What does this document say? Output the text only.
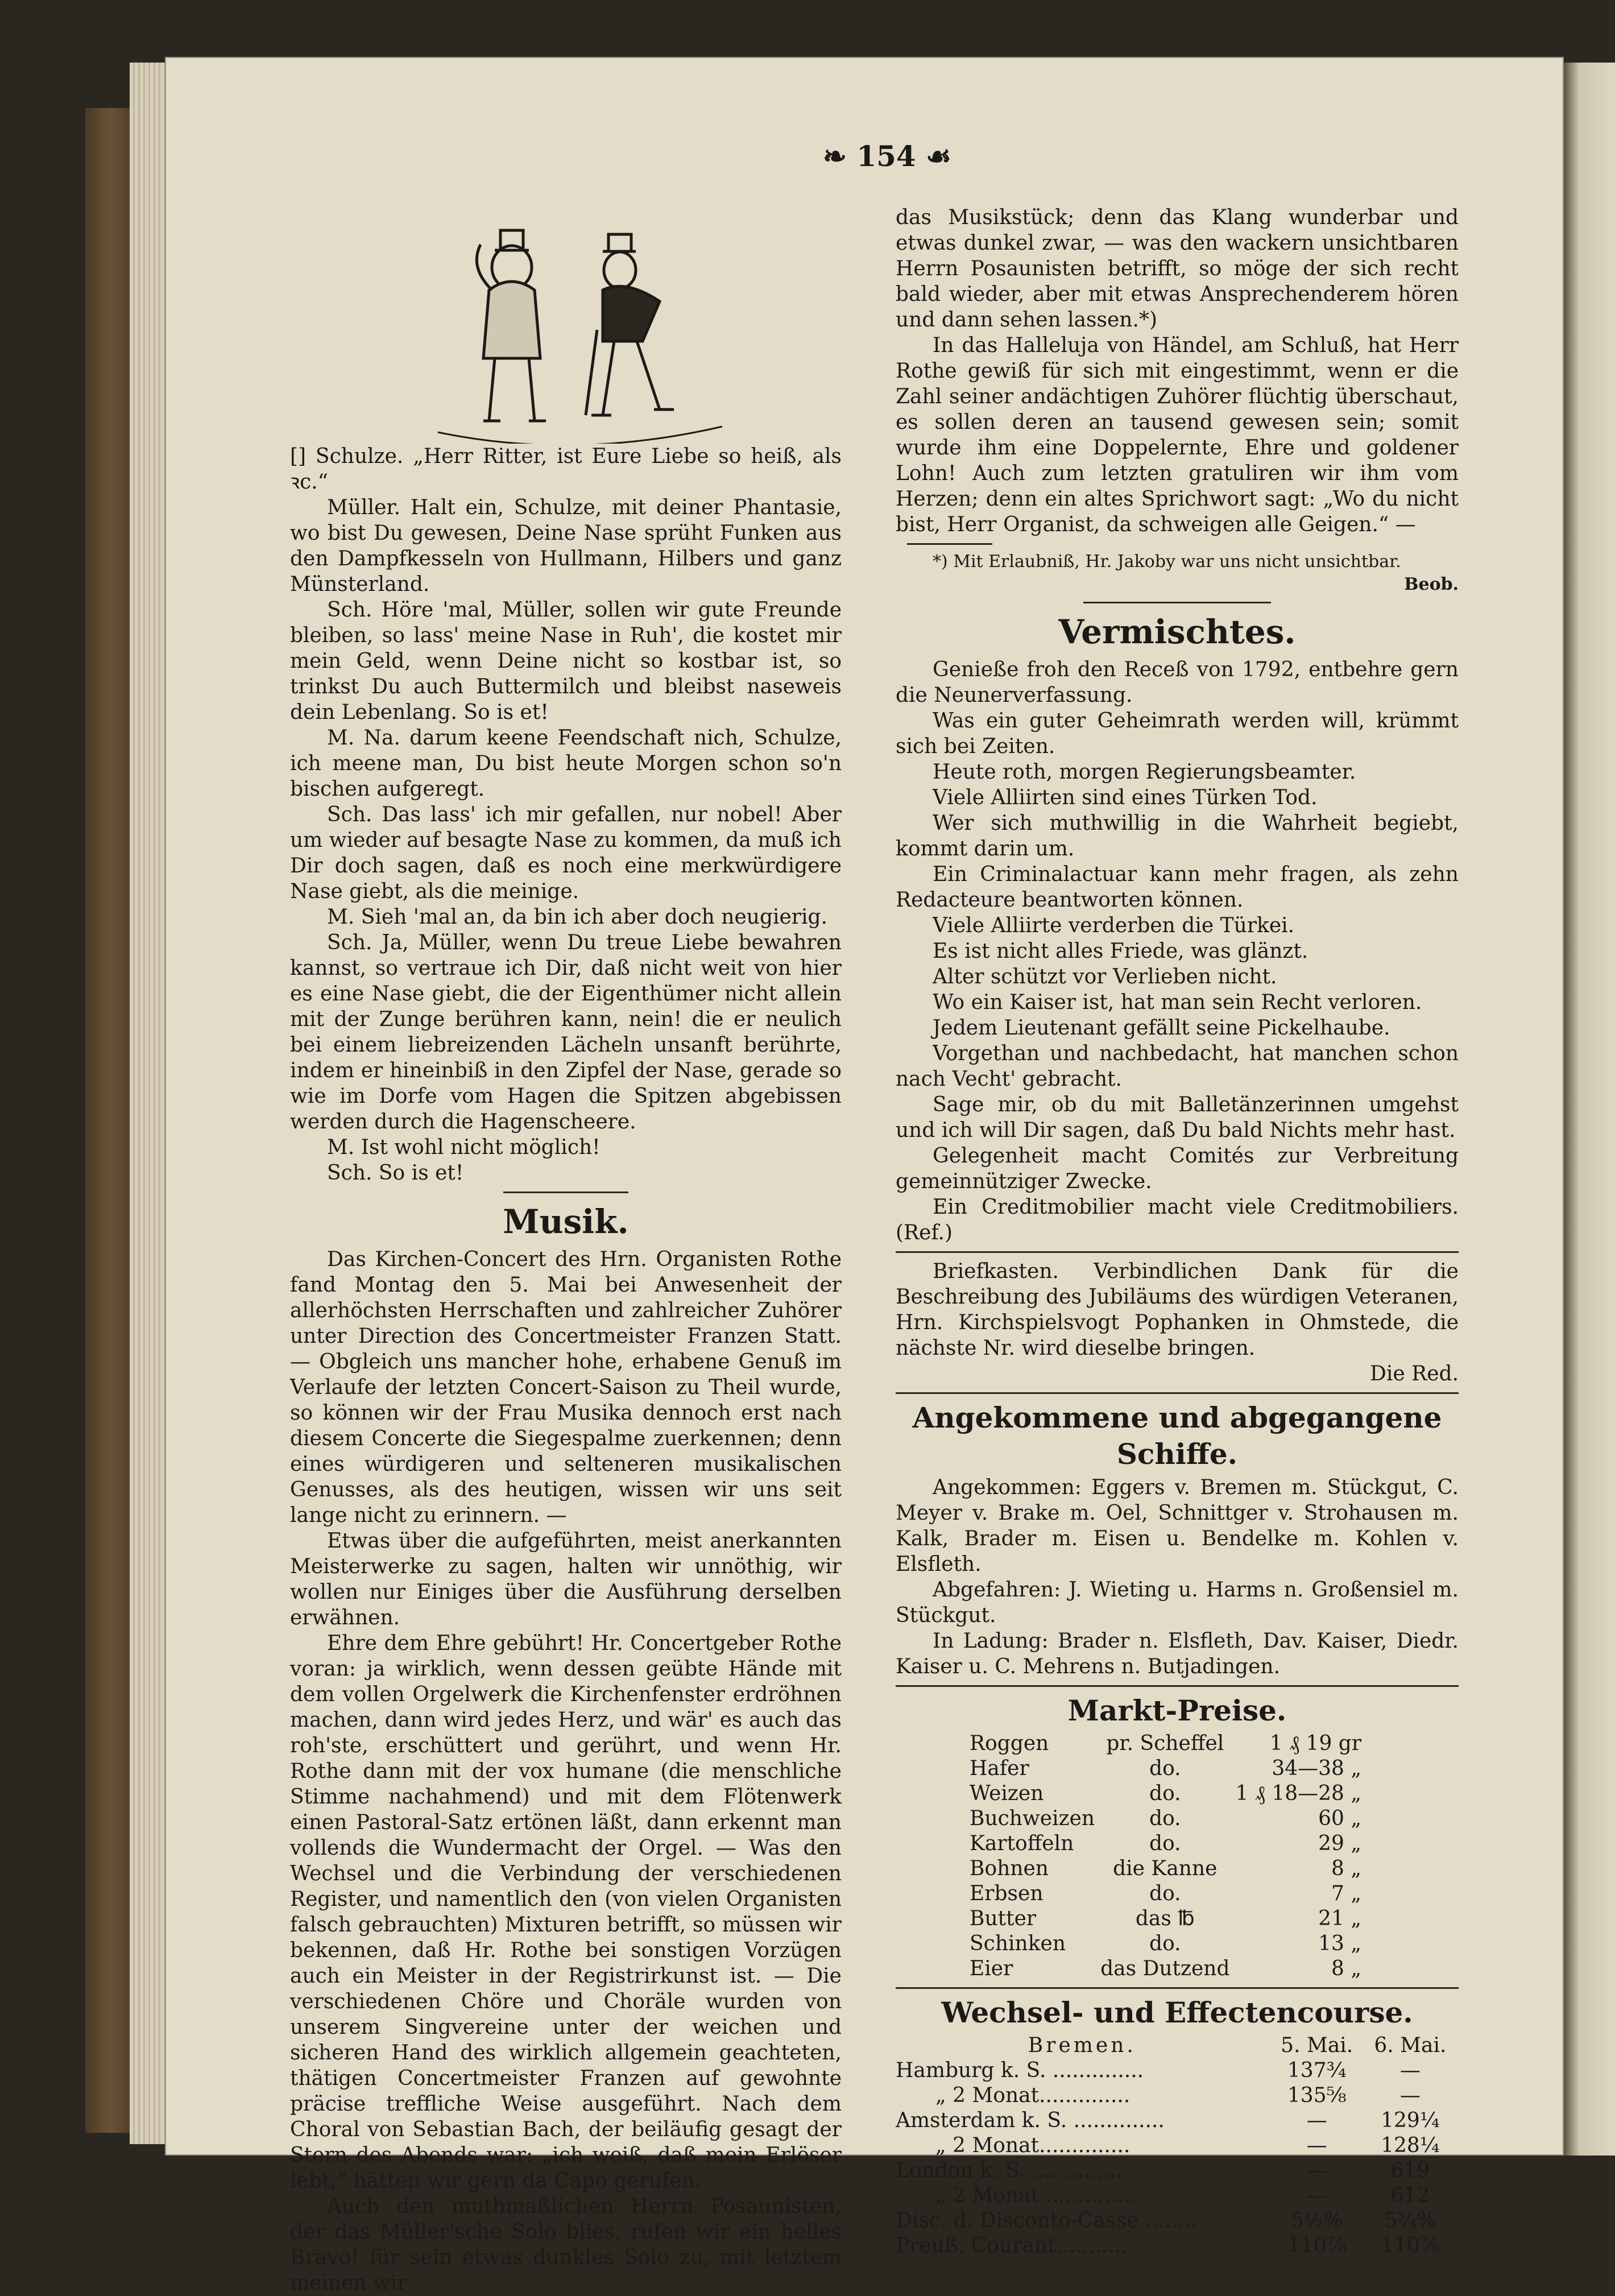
❧ 154 ☙

[] Schulze. „Herr Ritter, ist Eure Liebe so heiß, als ꝛc.“

Müller. Halt ein, Schulze, mit deiner Phantasie, wo bist Du gewesen, Deine Nase sprüht Funken aus den Dampfkesseln von Hullmann, Hilbers und ganz Münsterland.

Sch. Höre 'mal, Müller, sollen wir gute Freunde bleiben, so lass' meine Nase in Ruh', die kostet mir mein Geld, wenn Deine nicht so kostbar ist, so trinkst Du auch Buttermilch und bleibst naseweis dein Lebenlang. So is et!

M. Na. darum keene Feendschaft nich, Schulze, ich meene man, Du bist heute Morgen schon so'n bischen aufgeregt.

Sch. Das lass' ich mir gefallen, nur nobel! Aber um wieder auf besagte Nase zu kommen, da muß ich Dir doch sagen, daß es noch eine merkwürdigere Nase giebt, als die meinige.

M. Sieh 'mal an, da bin ich aber doch neugierig.

Sch. Ja, Müller, wenn Du treue Liebe bewahren kannst, so vertraue ich Dir, daß nicht weit von hier es eine Nase giebt, die der Eigenthümer nicht allein mit der Zunge berühren kann, nein! die er neulich bei einem liebreizenden Lächeln unsanft berührte, indem er hineinbiß in den Zipfel der Nase, gerade so wie im Dorfe vom Hagen die Spitzen abgebissen werden durch die Hagenscheere.

M. Ist wohl nicht möglich!

Sch. So is et!

Musik.

Das Kirchen-Concert des Hrn. Organisten Rothe fand Montag den 5. Mai bei Anwesenheit der allerhöchsten Herrschaften und zahlreicher Zuhörer unter Direction des Concertmeister Franzen Statt. — Obgleich uns mancher hohe, erhabene Genuß im Verlaufe der letzten Concert-Saison zu Theil wurde, so können wir der Frau Musika dennoch erst nach diesem Concerte die Siegespalme zuerkennen; denn eines würdigeren und selteneren musikalischen Genusses, als des heutigen, wissen wir uns seit lange nicht zu erinnern. —

Etwas über die aufgeführten, meist anerkannten Meisterwerke zu sagen, halten wir unnöthig, wir wollen nur Einiges über die Ausführung derselben erwähnen.

Ehre dem Ehre gebührt! Hr. Concertgeber Rothe voran: ja wirklich, wenn dessen geübte Hände mit dem vollen Orgelwerk die Kirchenfenster erdröhnen machen, dann wird jedes Herz, und wär' es auch das roh'ste, erschüttert und gerührt, und wenn Hr. Rothe dann mit der vox humane (die menschliche Stimme nachahmend) und mit dem Flötenwerk einen Pastoral-Satz ertönen läßt, dann erkennt man vollends die Wundermacht der Orgel. — Was den Wechsel und die Verbindung der verschiedenen Register, und namentlich den (von vielen Organisten falsch gebrauchten) Mixturen betrifft, so müssen wir bekennen, daß Hr. Rothe bei sonstigen Vorzügen auch ein Meister in der Registrirkunst ist. — Die verschiedenen Chöre und Choräle wurden von unserem Singvereine unter der weichen und sicheren Hand des wirklich allgemein geachteten, thätigen Concertmeister Franzen auf gewohnte präcise treffliche Weise ausgeführt. Nach dem Choral von Sebastian Bach, der beiläufig gesagt der Stern des Abends war: „ich weiß, daß mein Erlöser lebt,“ hätten wir gern da Capo gerufen.

Auch den muthmaßlichen Herrn Posaunisten, der das Müller'sche Solo blies, rufen wir ein helles Bravo! für sein etwas dunkles Solo zu, mit letztem meinen wir

das Musikstück; denn das Klang wunderbar und etwas dunkel zwar, — was den wackern unsichtbaren Herrn Posaunisten betrifft, so möge der sich recht bald wieder, aber mit etwas Ansprechenderem hören und dann sehen lassen.*)

In das Halleluja von Händel, am Schluß, hat Herr Rothe gewiß für sich mit eingestimmt, wenn er die Zahl seiner andächtigen Zuhörer flüchtig überschaut, es sollen deren an tausend gewesen sein; somit wurde ihm eine Doppelernte, Ehre und goldener Lohn! Auch zum letzten gratuliren wir ihm vom Herzen; denn ein altes Sprichwort sagt: „Wo du nicht bist, Herr Organist, da schweigen alle Geigen.“ —

*) Mit Erlaubniß, Hr. Jakoby war uns nicht unsichtbar.

Beob.

Vermischtes.

Genieße froh den Receß von 1792, entbehre gern die Neunerverfassung.

Was ein guter Geheimrath werden will, krümmt sich bei Zeiten.

Heute roth, morgen Regierungsbeamter.

Viele Alliirten sind eines Türken Tod.

Wer sich muthwillig in die Wahrheit begiebt, kommt darin um.

Ein Criminalactuar kann mehr fragen, als zehn Redacteure beantworten können.

Viele Alliirte verderben die Türkei.

Es ist nicht alles Friede, was glänzt.

Alter schützt vor Verlieben nicht.

Wo ein Kaiser ist, hat man sein Recht verloren.

Jedem Lieutenant gefällt seine Pickelhaube.

Vorgethan und nachbedacht, hat manchen schon nach Vecht' gebracht.

Sage mir, ob du mit Balletänzerinnen umgehst und ich will Dir sagen, daß Du bald Nichts mehr hast.

Gelegenheit macht Comités zur Verbreitung gemeinnütziger Zwecke.

Ein Creditmobilier macht viele Creditmobiliers. (Ref.)

Briefkasten. Verbindlichen Dank für die Beschreibung des Jubiläums des würdigen Veteranen, Hrn. Kirchspielsvogt Pophanken in Ohmstede, die nächste Nr. wird dieselbe bringen.

Die Red.

Angekommene und abgegangene Schiffe.

Angekommen: Eggers v. Bremen m. Stückgut, C. Meyer v. Brake m. Oel, Schnittger v. Strohausen m. Kalk, Brader m. Eisen u. Bendelke m. Kohlen v. Elsfleth.

Abgefahren: J. Wieting u. Harms n. Großensiel m. Stückgut.

In Ladung: Brader n. Elsfleth, Dav. Kaiser, Diedr. Kaiser u. C. Mehrens n. Butjadingen.

Markt-Preise.
Roggen	pr. Scheffel	1 ₰ 19 gr
Hafer	do.	34—38 „
Weizen	do.	1 ₰ 18—28 „
Buchweizen	do.	60 „
Kartoffeln	do.	29 „
Bohnen	die Kanne	8 „
Erbsen	do.	7 „
Butter	das ℔	21 „
Schinken	do.	13 „
Eier	das Dutzend	8 „
Wechsel- und Effectencourse.
Bremen.	5. Mai.	6. Mai.
Hamburg k. S. ..............	137¾	—
„ 2 Monat..............	135⅝	—
Amsterdam k. S. ..............	—	129¼
„ 2 Monat..............	—	128¼
London k. S. ..............	—	619
„ 2 Monat ..............	—	612
Disc. d. Disconto-Casse ........	5½%	5¾%
Preuß. Courant...........	110⅞	110⅞
